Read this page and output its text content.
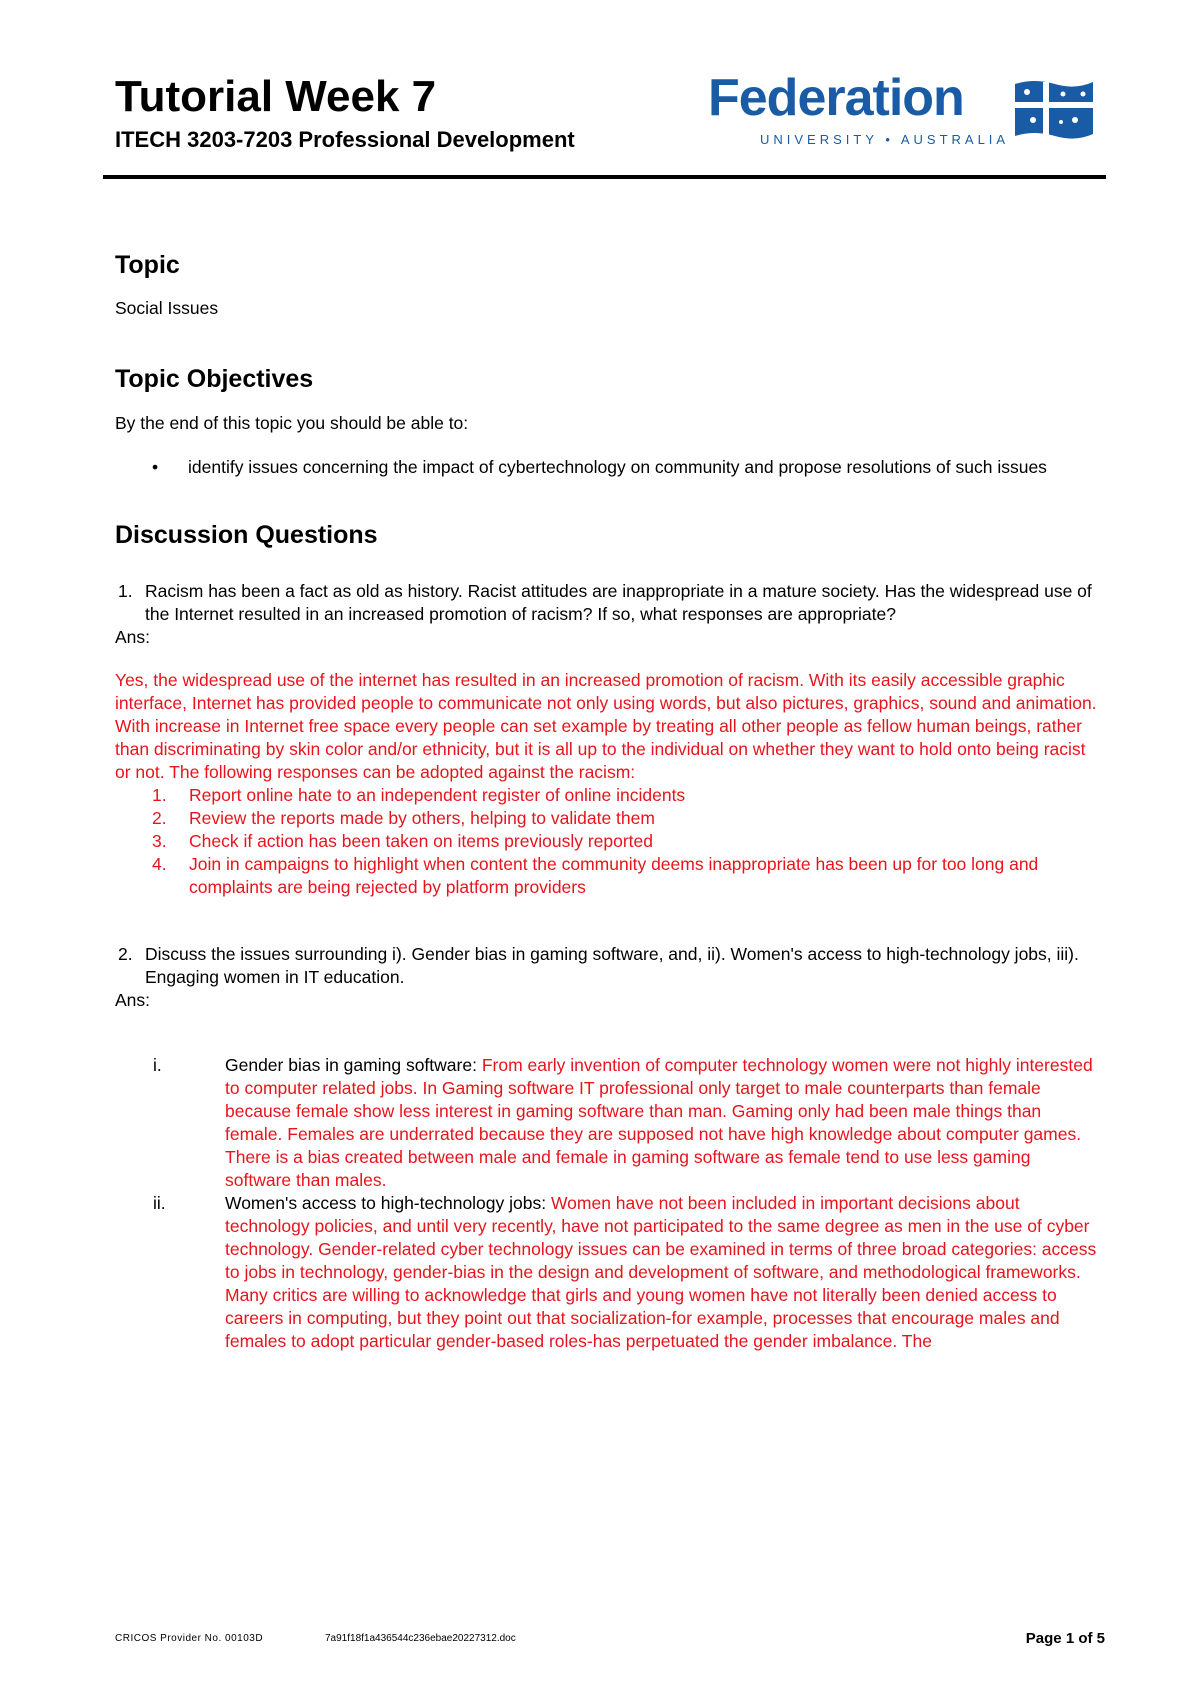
Tutorial Week 7

ITECH 3203-7203 Professional Development

Federation
UNIVERSITY • AUSTRALIA
Topic

Social Issues

Topic Objectives

By the end of this topic you should be able to:

• identify issues concerning the impact of cybertechnology on community and propose resolutions of such issues
Discussion Questions
1. Racism has been a fact as old as history. Racist attitudes are inappropriate in a mature society. Has the widespread use of the Internet resulted in an increased promotion of racism? If so, what responses are appropriate?

Ans:

Yes, the widespread use of the internet has resulted in an increased promotion of racism. With its easily accessible graphic interface, Internet has provided people to communicate not only using words, but also pictures, graphics, sound and animation.

With increase in Internet free space every people can set example by treating all other people as fellow human beings, rather than discriminating by skin color and/or ethnicity, but it is all up to the individual on whether they want to hold onto being racist or not. The following responses can be adopted against the racism:

1. Report online hate to an independent register of online incidents
2. Review the reports made by others, helping to validate them
3. Check if action has been taken on items previously reported
4. Join in campaigns to highlight when content the community deems inappropriate has been up for too long and complaints are being rejected by platform providers
2. Discuss the issues surrounding i). Gender bias in gaming software, and, ii). Women's access to high-technology jobs, iii). Engaging women in IT education.

Ans:

i.	Gender bias in gaming software: From early invention of computer technology women were not highly interested to computer related jobs. In Gaming software IT professional only target to male counterparts than female because female show less interest in gaming software than man. Gaming only had been male things than female. Females are underrated because they are supposed not have high knowledge about computer games. There is a bias created between male and female in gaming software as female tend to use less gaming software than males.
ii.	Women's access to high-technology jobs: Women have not been included in important decisions about technology policies, and until very recently, have not participated to the same degree as men in the use of cyber technology. Gender-related cyber technology issues can be examined in terms of three broad categories: access to jobs in technology, gender-bias in the design and development of software, and methodological frameworks. Many critics are willing to acknowledge that girls and young women have not literally been denied access to careers in computing, but they point out that socialization-for example, processes that encourage males and females to adopt particular gender-based roles-has perpetuated the gender imbalance. The
CRICOS Provider No. 00103D	7a91f18f1a436544c236ebae20227312.doc	Page 1 of 5
